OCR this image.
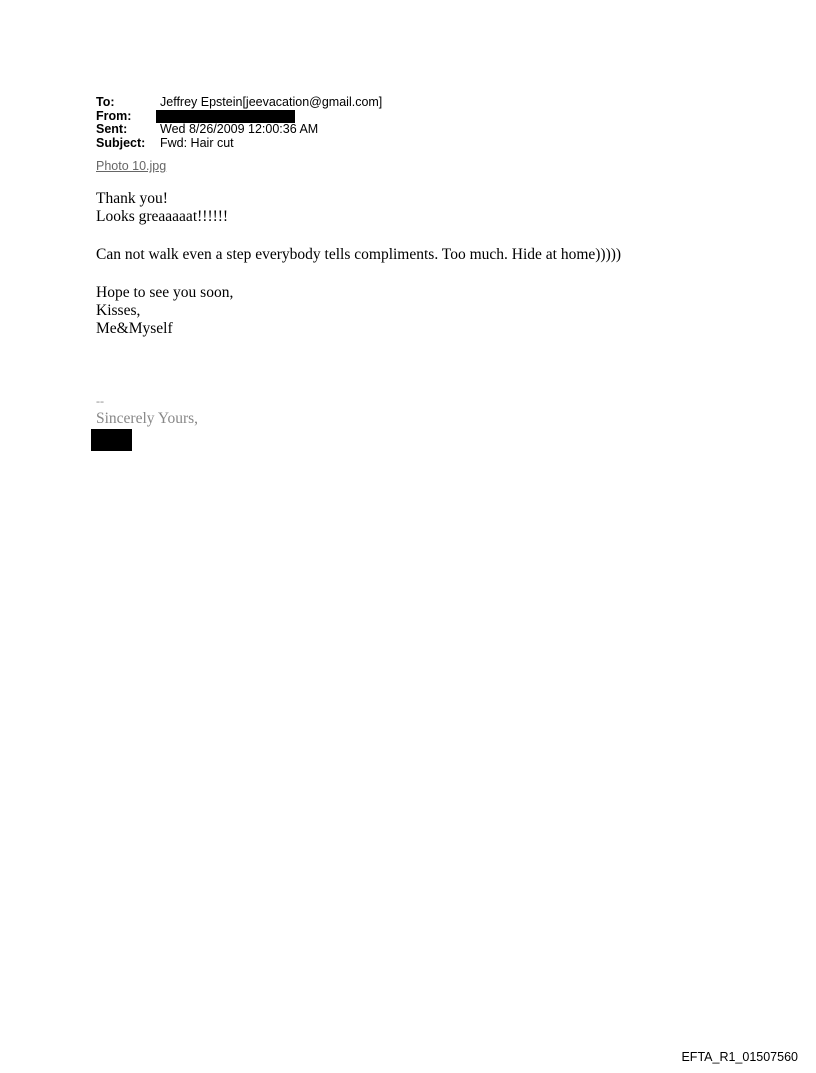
To:	Jeffrey Epstein[jeevacation@gmail.com]
From:
Sent:	Wed 8/26/2009 12:00:36 AM
Subject: Fwd: Hair cut
Photo 10.jpg
Thank you!
Looks greaaaaat!!!!!!
Can not walk even a step everybody tells compliments. Too much. Hide at home)))))
Hope to see you soon,
Kisses,
Me&Myself
--
Sincerely Yours,
EFTA_R1_01507560
